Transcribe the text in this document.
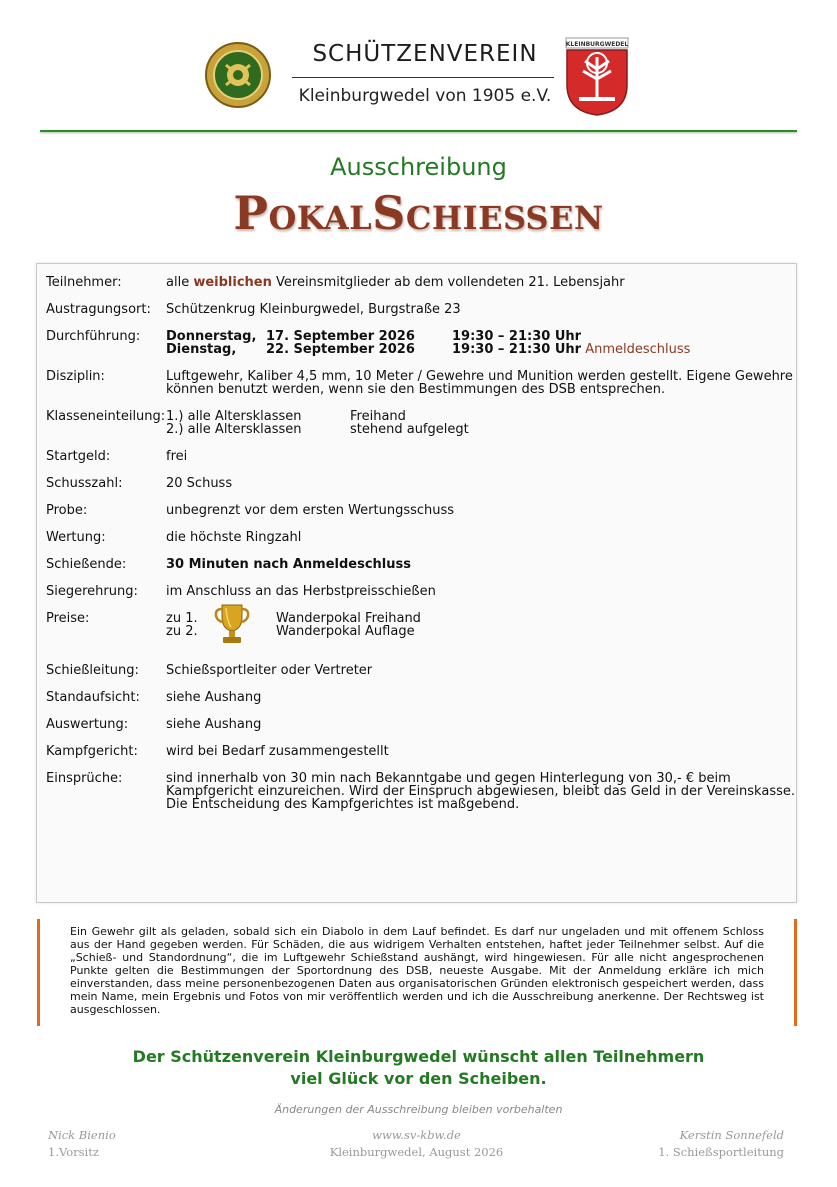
SCHÜTZENVEREIN
Kleinburgwedel von 1905 e.V.
KLEINBURGWEDEL
Ausschreibung
PokalSchießen
Teilnehmer:	alle weiblichen Vereinsmitglieder ab dem vollendeten 21. Lebensjahr
Austragungsort: Schützenkrug Kleinburgwedel, Burgstraße 23
Durchführung: Donnerstag, 17. September 2026	19:30 – 21:30 Uhr
Dienstag, 22. September 2026	19:30 – 21:30 Uhr Anmeldeschluss
Disziplin:	Luftgewehr, Kaliber 4,5 mm, 10 Meter / Gewehre und Munition werden gestellt. Eigene Gewehre
können benutzt werden, wenn sie den Bestimmungen des DSB entsprechen.
Klasseneinteilung: 1.) alle Altersklassen	Freihand
2.) alle Altersklassen	stehend aufgelegt
Startgeld:	frei
Schusszahl:	20 Schuss
Probe:	unbegrenzt vor dem ersten Wertungsschuss
Wertung:	die höchste Ringzahl
Schießende:	30 Minuten nach Anmeldeschluss
Siegerehrung: im Anschluss an das Herbstpreisschießen
Preise:	zu 1.	Wanderpokal Freihand
zu 2.	Wanderpokal Auflage
Schießleitung: Schießsportleiter oder Vertreter
Standaufsicht: siehe Aushang
Auswertung:	siehe Aushang
Kampfgericht: wird bei Bedarf zusammengestellt
Einsprüche:	sind innerhalb von 30 min nach Bekanntgabe und gegen Hinterlegung von 30,- € beim
Kampfgericht einzureichen. Wird der Einspruch abgewiesen, bleibt das Geld in der Vereinskasse.
Die Entscheidung des Kampfgerichtes ist maßgebend.
Ein Gewehr gilt als geladen, sobald sich ein Diabolo in dem Lauf befindet. Es darf nur ungeladen und mit offenem Schloss aus der Hand gegeben werden. Für Schäden, die aus widrigem Verhalten entstehen, haftet jeder Teilnehmer selbst. Auf die „Schieß- und Standordnung“, die im Luftgewehr Schießstand aushängt, wird hingewiesen. Für alle nicht angesprochenen Punkte gelten die Bestimmungen der Sportordnung des DSB, neueste Ausgabe. Mit der Anmeldung erkläre ich mich einverstanden, dass meine personenbezogenen Daten aus organisatorischen Gründen elektronisch gespeichert werden, dass mein Name, mein Ergebnis und Fotos von mir veröffentlich werden und ich die Ausschreibung anerkenne. Der Rechtsweg ist ausgeschlossen.
Der Schützenverein Kleinburgwedel wünscht allen Teilnehmern
viel Glück vor den Scheiben.
Änderungen der Ausschreibung bleiben vorbehalten
Nick Bienio
1.Vorsitz
www.sv-kbw.de
Kleinburgwedel, August 2026
Kerstin Sonnefeld
1. Schießsportleitung
